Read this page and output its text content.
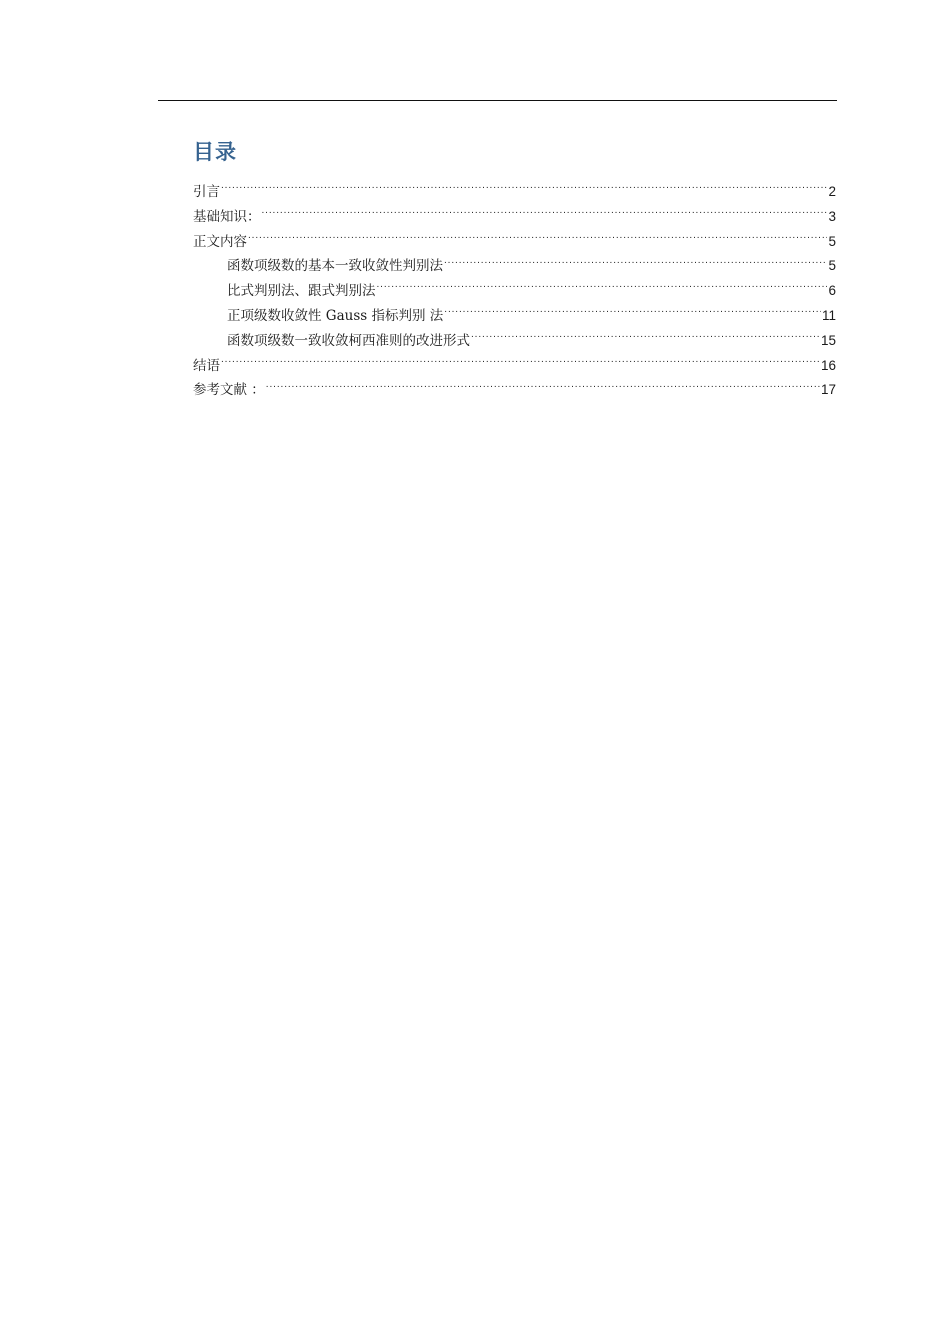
目录
引言 .....	2
基础知识： .....	3
正文内容 .....	5
函数项级数的基本一致收敛性判别法 .....	5
比式判别法、跟式判别法 .....	6
正项级数收敛性 Gauss 指标判别 法 .....	11
函数项级数一致收敛柯西准则的改进形式 .....	15
结语 .....	16
参考文献 ： .....	17
